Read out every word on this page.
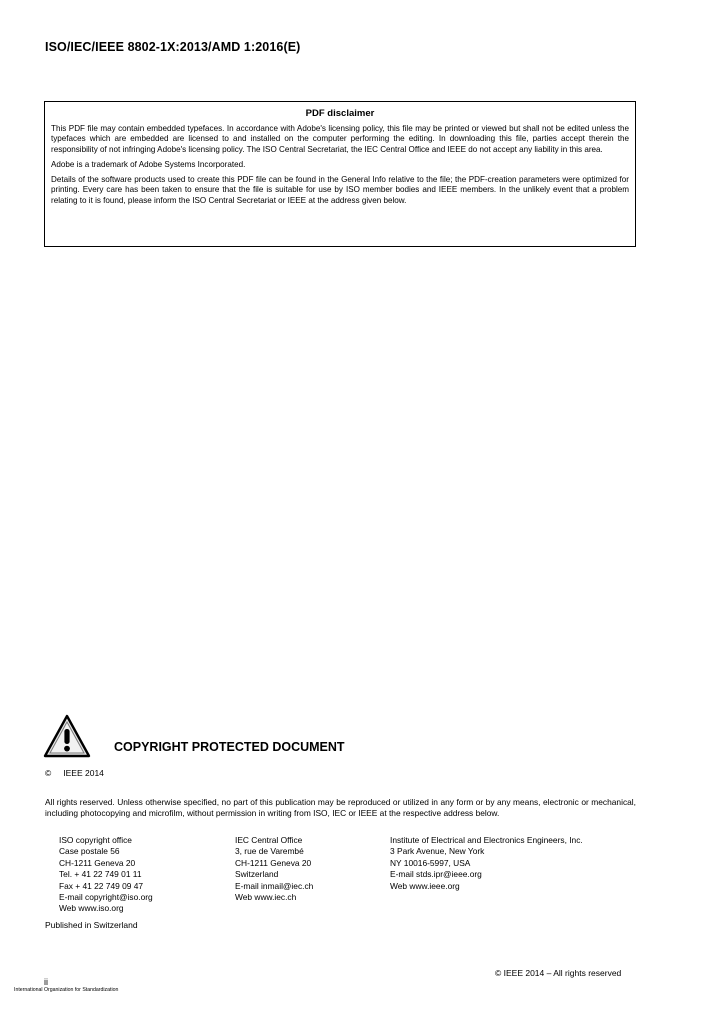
ISO/IEC/IEEE 8802-1X:2013/AMD 1:2016(E)
PDF disclaimer

This PDF file may contain embedded typefaces. In accordance with Adobe's licensing policy, this file may be printed or viewed but shall not be edited unless the typefaces which are embedded are licensed to and installed on the computer performing the editing. In downloading this file, parties accept therein the responsibility of not infringing Adobe's licensing policy. The ISO Central Secretariat, the IEC Central Office and IEEE do not accept any liability in this area.

Adobe is a trademark of Adobe Systems Incorporated.

Details of the software products used to create this PDF file can be found in the General Info relative to the file; the PDF-creation parameters were optimized for printing. Every care has been taken to ensure that the file is suitable for use by ISO member bodies and IEEE members. In the unlikely event that a problem relating to it is found, please inform the ISO Central Secretariat or IEEE at the address given below.

COPYRIGHT PROTECTED DOCUMENT
© IEEE 2014

All rights reserved. Unless otherwise specified, no part of this publication may be reproduced or utilized in any form or by any means, electronic or mechanical, including photocopying and microfilm, without permission in writing from ISO, IEC or IEEE at the respective address below.

ISO copyright office
Case postale 56
CH-1211 Geneva 20
Tel. + 41 22 749 01 11
Fax + 41 22 749 09 47
E-mail copyright@iso.org
Web www.iso.org
IEC Central Office
3, rue de Varembé
CH-1211 Geneva 20
Switzerland
E-mail inmail@iec.ch
Web www.iec.ch
Institute of Electrical and Electronics Engineers, Inc.
3 Park Avenue, New York
NY 10016-5997, USA
E-mail stds.ipr@ieee.org
Web www.ieee.org
Published in Switzerland
© IEEE 2014 – All rights reserved
ii
International Organization for Standardization
